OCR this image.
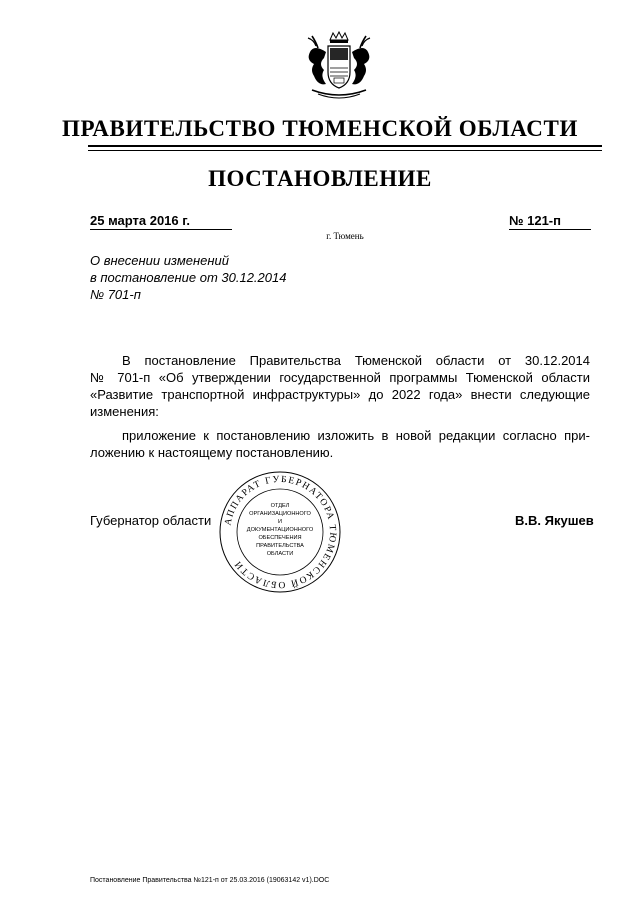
ПРАВИТЕЛЬСТВО ТЮМЕНСКОЙ ОБЛАСТИ
ПОСТАНОВЛЕНИЕ
25 марта 2016 г.	№ 121-п
г. Тюмень
О внесении изменений
в постановление от 30.12.2014
№ 701-п
В постановление Правительства Тюменской области от 30.12.2014
№ 701-п «Об утверждении государственной программы Тюменской области
«Развитие транспортной инфраструктуры» до 2022 года» внести следующие
изменения:
приложение к постановлению изложить в новой редакции согласно при-
ложению к настоящему постановлению.
Губернатор области	В.В. Якушев
АППАРАТ ГУБЕРНАТОРА ТЮМЕНСКОЙ ОБЛАСТИ
ОТДЕЛ
ОРГАНИЗАЦИОННОГО
И
ДОКУМЕНТАЦИОННОГО
ОБЕСПЕЧЕНИЯ
ПРАВИТЕЛЬСТВА
ОБЛАСТИ
Постановление Правительства №121-п от 25.03.2016 (19063142 v1).DOC
